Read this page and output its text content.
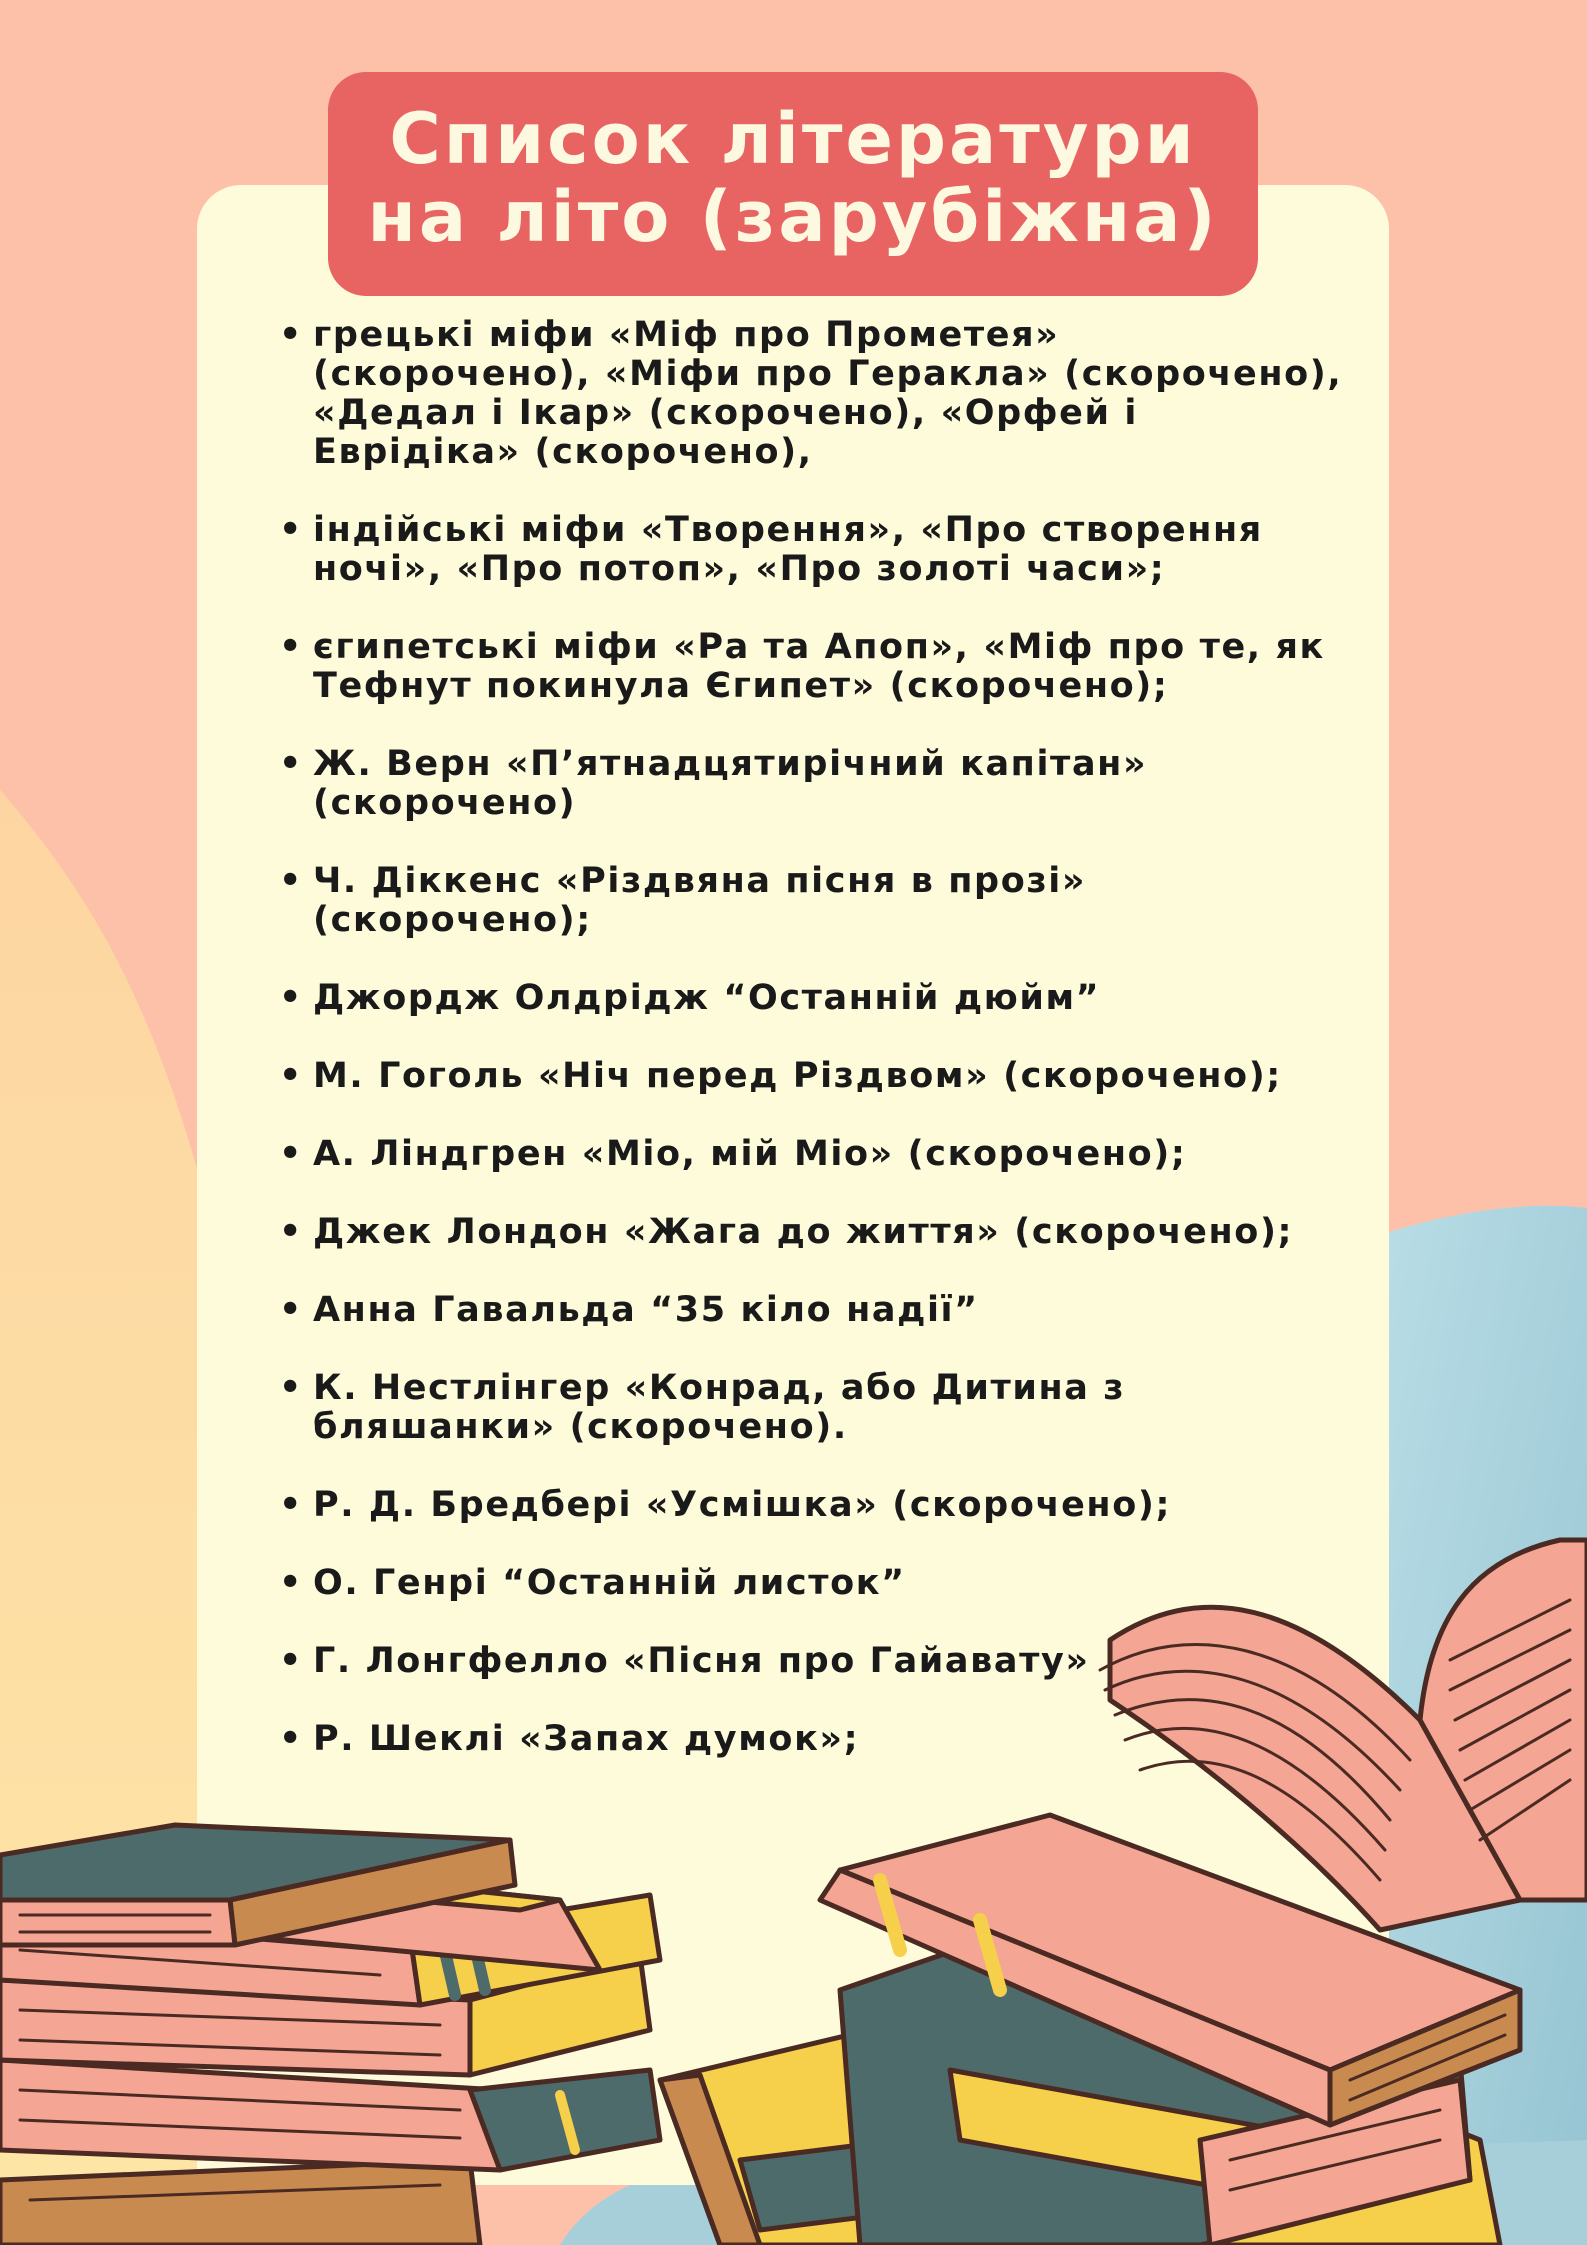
Список літератури
на літо (зарубіжна)
• грецькі міфи «Міф про Прометея» (скорочено), «Міфи про Геракла» (скорочено), «Дедал і Ікар» (скорочено), «Орфей і Еврідіка» (скорочено),
• індійські міфи «Творення», «Про створення ночі», «Про потоп», «Про золоті часи»;
• єгипетські міфи «Ра та Апоп», «Міф про те, як Тефнут покинула Єгипет» (скорочено);
• Ж. Верн «П’ятнадцятирічний капітан» (скорочено)
• Ч. Діккенс «Різдвяна пісня в прозі» (скорочено);
• Джордж Олдрідж “Останній дюйм”
• М. Гоголь «Ніч перед Різдвом» (скорочено);
• А. Ліндгрен «Міо, мій Міо» (скорочено);
• Джек Лондон «Жага до життя» (скорочено);
• Анна Гавальда “35 кіло надії”
• К. Нестлінгер «Конрад, або Дитина з бляшанки» (скорочено).
• Р. Д. Бредбері «Усмішка» (скорочено);
• О. Генрі “Останній листок”
• Г. Лонгфелло «Пісня про Гайавату»
• Р. Шеклі «Запах думок»;
